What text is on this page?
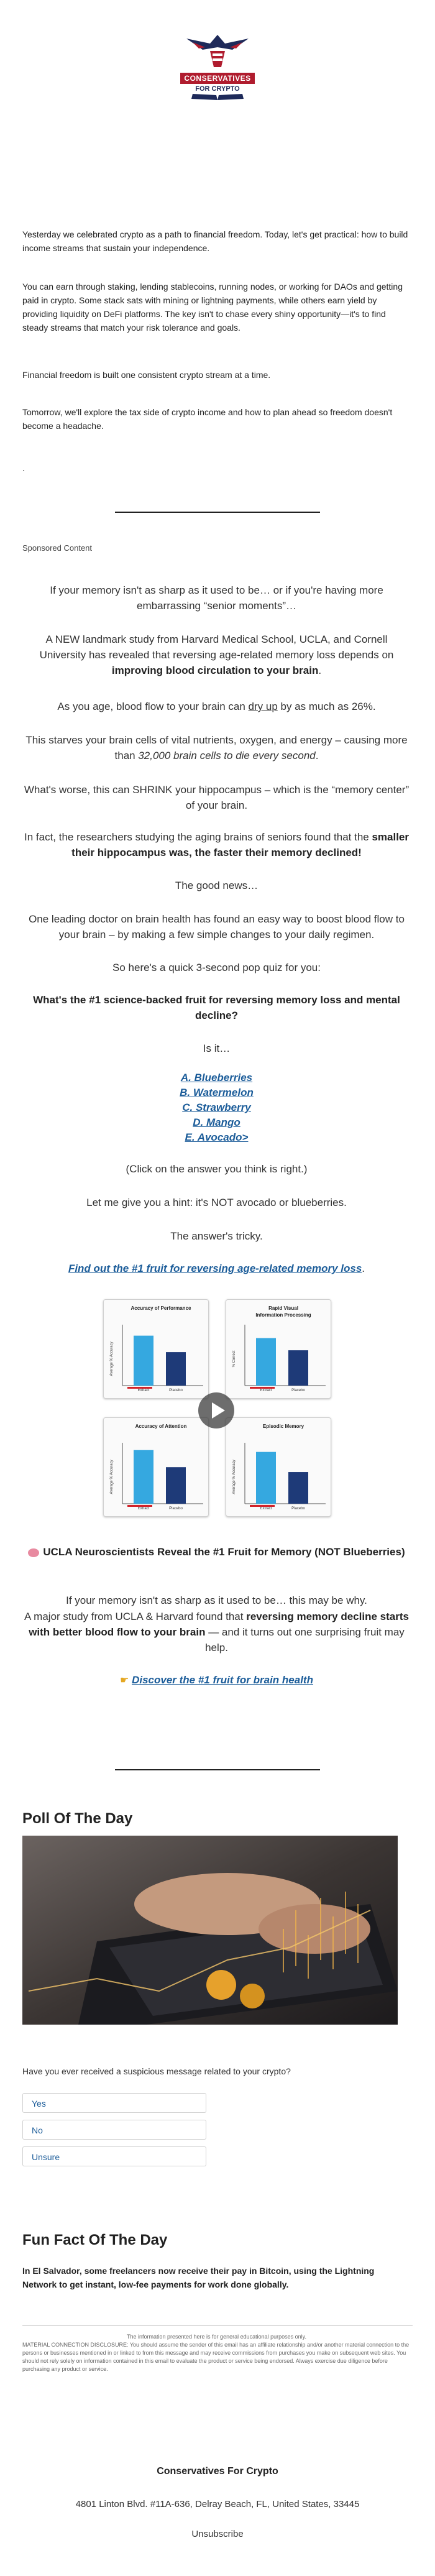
CONSERVATIVES
FOR CRYPTO
Yesterday we celebrated crypto as a path to financial freedom. Today, let's get practical: how to build income streams that sustain your independence.
You can earn through staking, lending stablecoins, running nodes, or working for DAOs and getting paid in crypto. Some stack sats with mining or lightning payments, while others earn yield by providing liquidity on DeFi platforms. The key isn't to chase every shiny opportunity—it's to find steady streams that match your risk tolerance and goals.
Financial freedom is built one consistent crypto stream at a time.
Tomorrow, we'll explore the tax side of crypto income and how to plan ahead so freedom doesn't become a headache.
.
Sponsored Content
If your memory isn't as sharp as it used to be… or if you're having more embarrassing “senior moments”…
A NEW landmark study from Harvard Medical School, UCLA, and Cornell University has revealed that reversing age-related memory loss depends on improving blood circulation to your brain.
As you age, blood flow to your brain can dry up by as much as 26%.
This starves your brain cells of vital nutrients, oxygen, and energy – causing more than 32,000 brain cells to die every second.
What's worse, this can SHRINK your hippocampus – which is the “memory center” of your brain.
In fact, the researchers studying the aging brains of seniors found that the smaller their hippocampus was, the faster their memory declined!
The good news…
One leading doctor on brain health has found an easy way to boost blood flow to your brain – by making a few simple changes to your daily regimen.
So here's a quick 3-second pop quiz for you:
What's the #1 science-backed fruit for reversing memory loss and mental decline?
Is it…
A. Blueberries
B. Watermelon
C. Strawberry
D. Mango
E. Avocado>
(Click on the answer you think is right.)
Let me give you a hint: it's NOT avocado or blueberries.
The answer's tricky.
Find out the #1 fruit for reversing age-related memory loss.
Accuracy of Performance
Average % Accuracy
Extract	Placebo
Rapid Visual
Information Processing
% Correct
Extract	Placebo
Accuracy of Attention
Average % Accuracy
Extract	Placebo
Episodic Memory
Average % Accuracy
Extract	Placebo
UCLA Neuroscientists Reveal the #1 Fruit for Memory (NOT Blueberries)
If your memory isn't as sharp as it used to be… this may be why.
A major study from UCLA & Harvard found that reversing memory decline starts with better blood flow to your brain — and it turns out one surprising fruit may help.
☛ Discover the #1 fruit for brain health
Poll Of The Day
Have you ever received a suspicious message related to your crypto?
Yes
No
Unsure
Fun Fact Of The Day
In El Salvador, some freelancers now receive their pay in Bitcoin, using the Lightning Network to get instant, low-fee payments for work done globally.
The information presented here is for general educational purposes only.
MATERIAL CONNECTION DISCLOSURE: You should assume the sender of this email has an affiliate relationship and/or another material connection to the persons or businesses mentioned in or linked to from this message and may receive commissions from purchases you make on subsequent web sites. You should not rely solely on information contained in this email to evaluate the product or service being endorsed. Always exercise due diligence before purchasing any product or service.
Conservatives For Crypto
4801 Linton Blvd. #11A-636, Delray Beach, FL, United States, 33445
Unsubscribe
